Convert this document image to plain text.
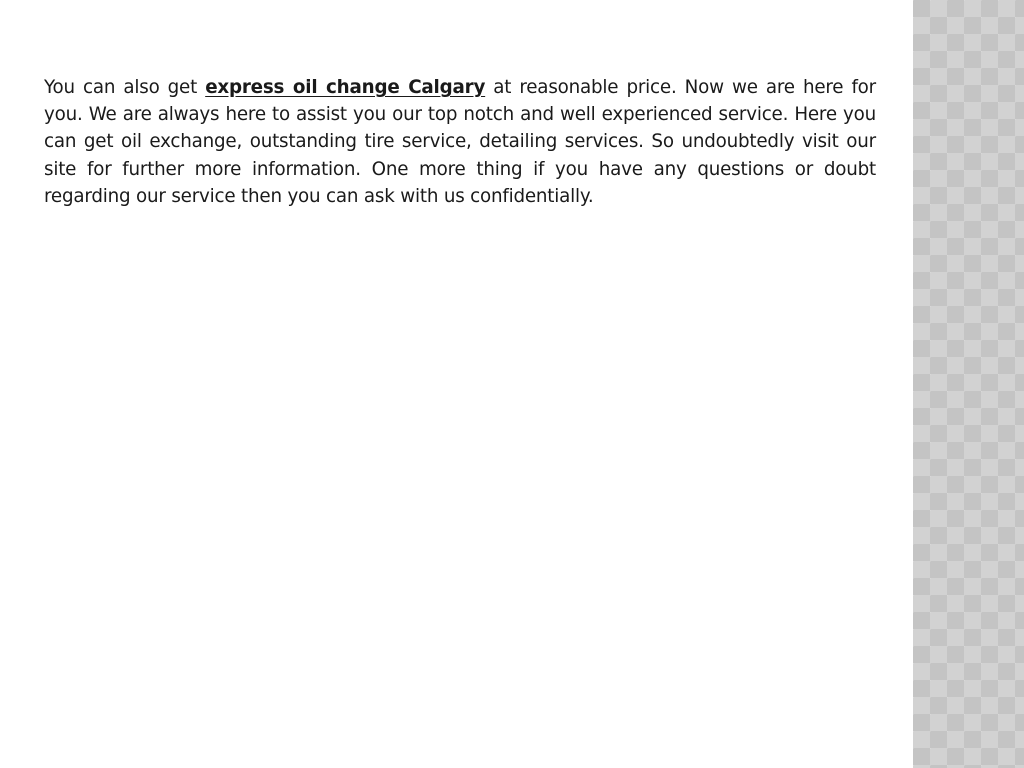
You can also get express oil change Calgary at reasonable price. Now we are here for you. We are always here to assist you our top notch and well experienced service. Here you can get oil exchange, outstanding tire service, detailing services. So undoubtedly visit our site for further more information. One more thing if you have any questions or doubt regarding our service then you can ask with us confidentially.
